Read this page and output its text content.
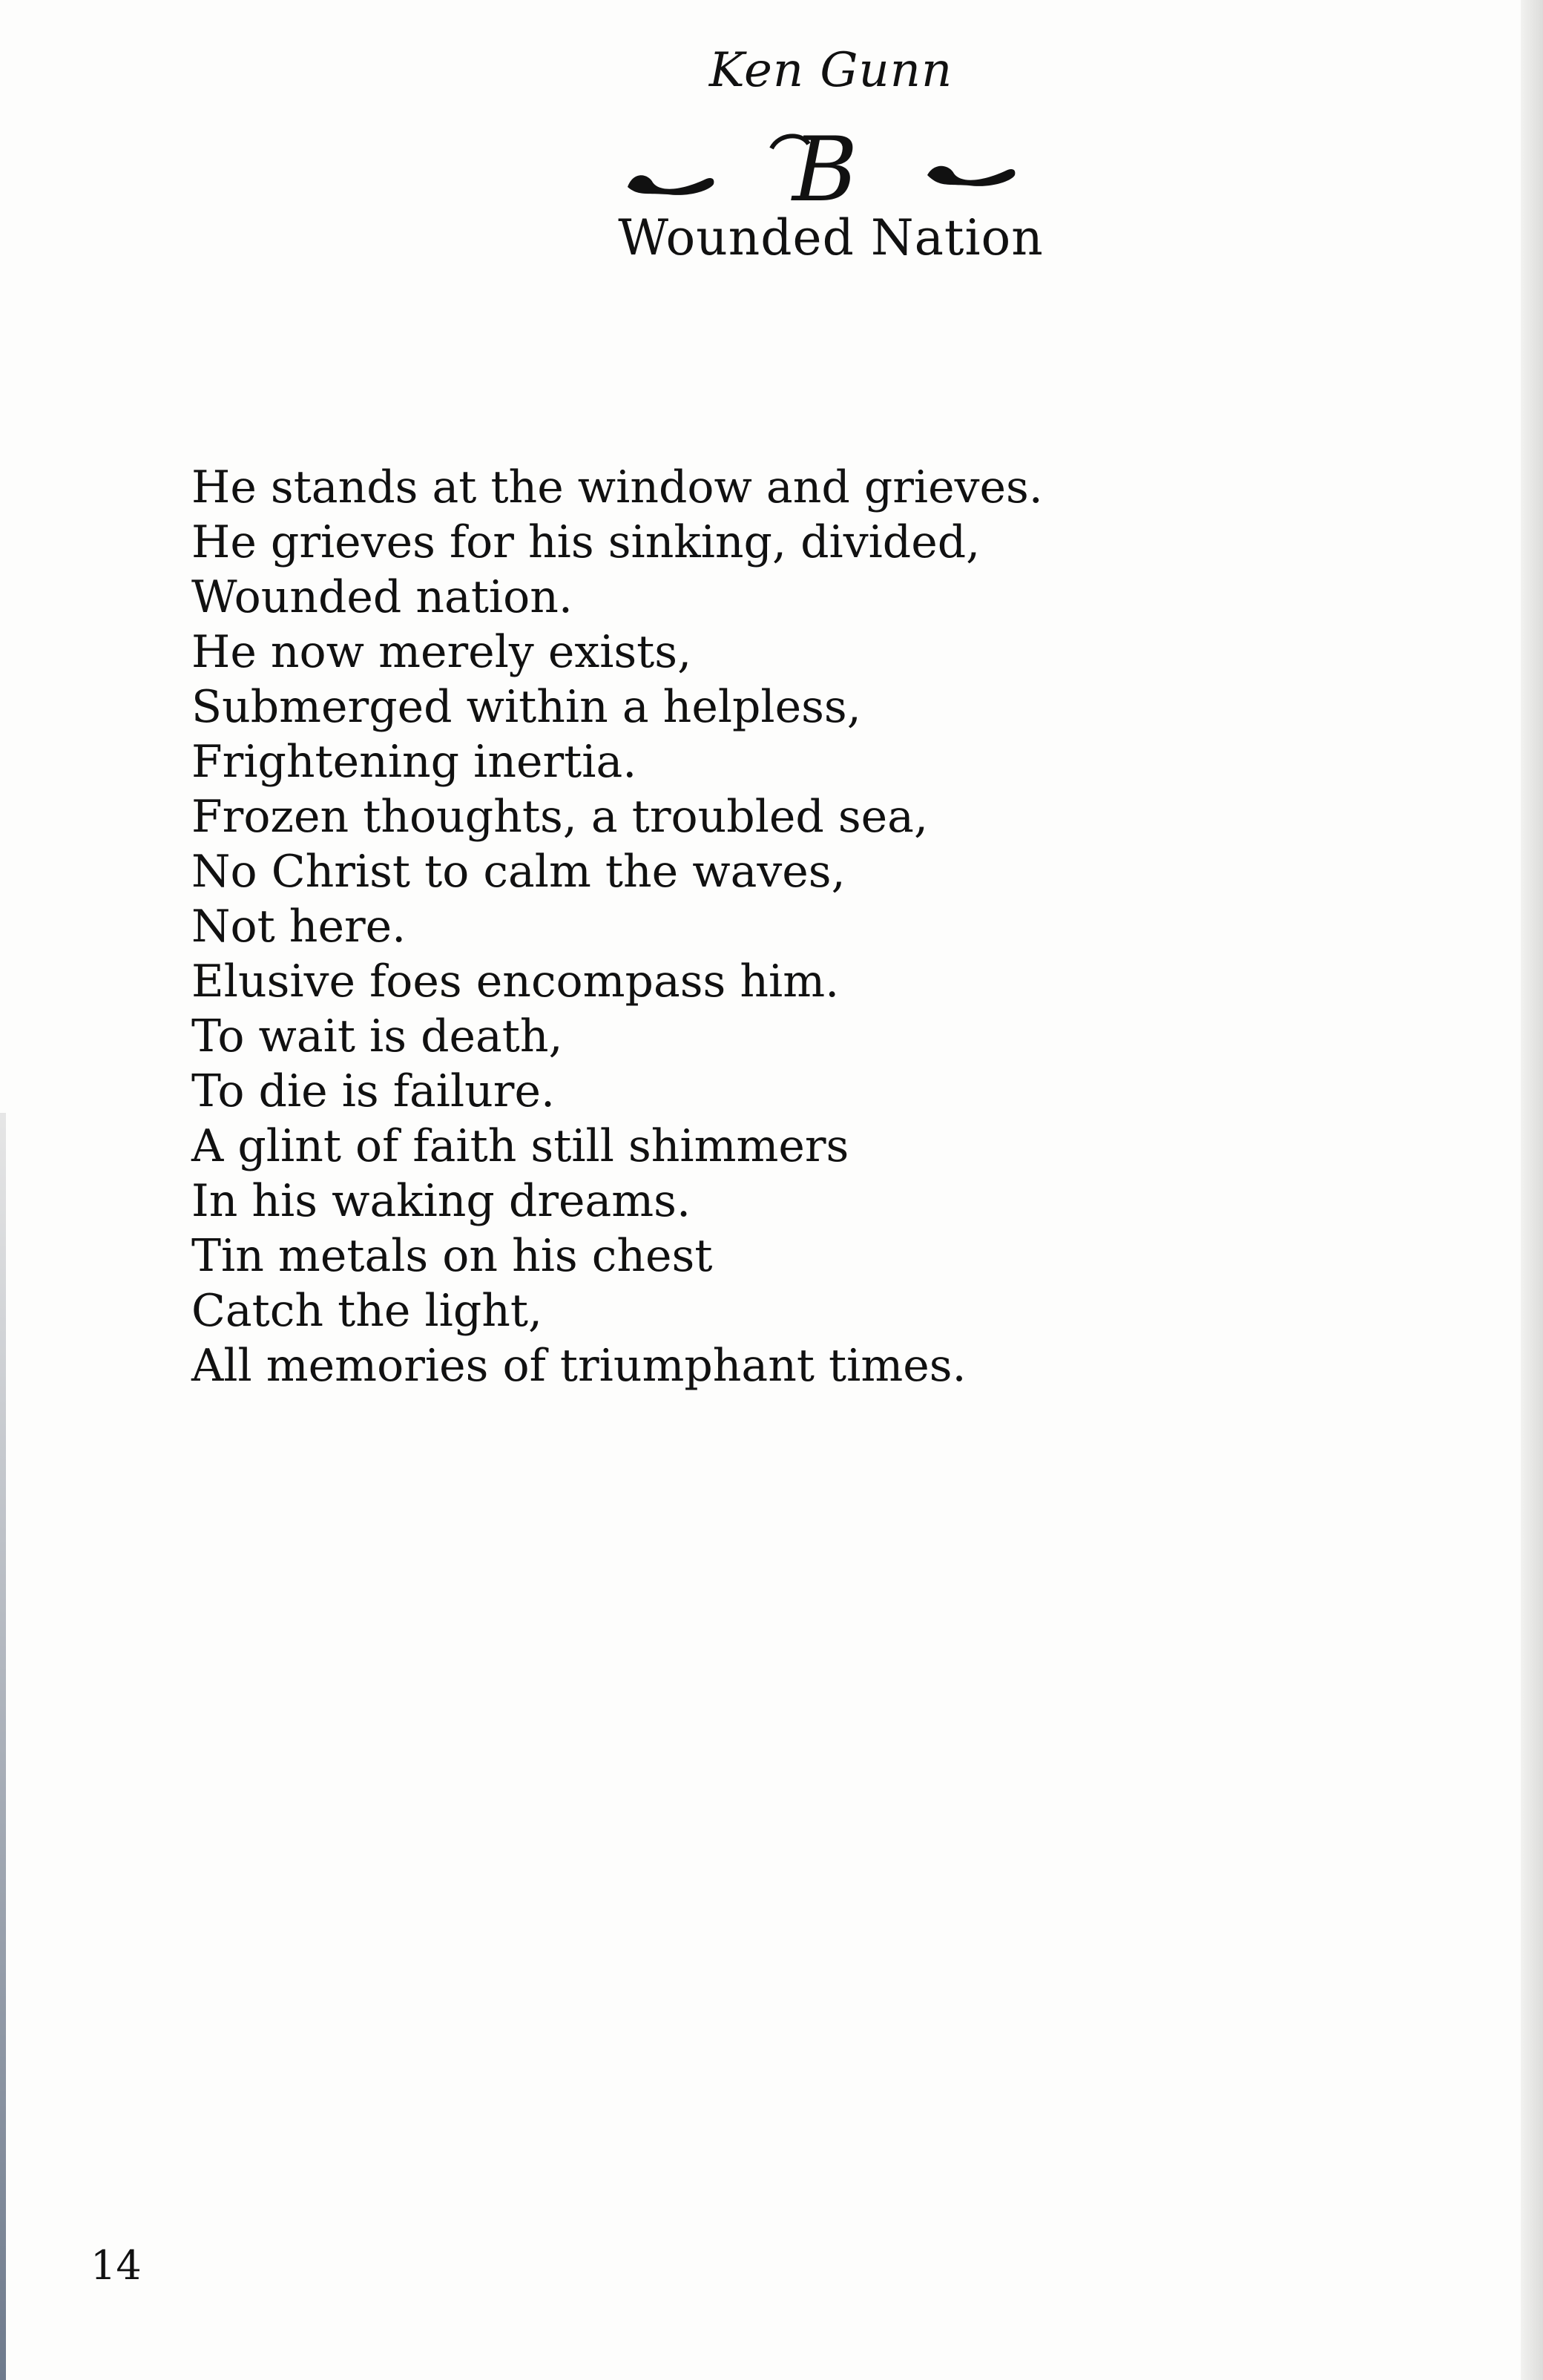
Ken Gunn
B
Wounded Nation
He stands at the window and grieves.
He grieves for his sinking, divided,
Wounded nation.
He now merely exists,
Submerged within a helpless,
Frightening inertia.
Frozen thoughts, a troubled sea,
No Christ to calm the waves,
Not here.
Elusive foes encompass him.
To wait is death,
To die is failure.
A glint of faith still shimmers
In his waking dreams.
Tin metals on his chest
Catch the light,
All memories of triumphant times.
14
